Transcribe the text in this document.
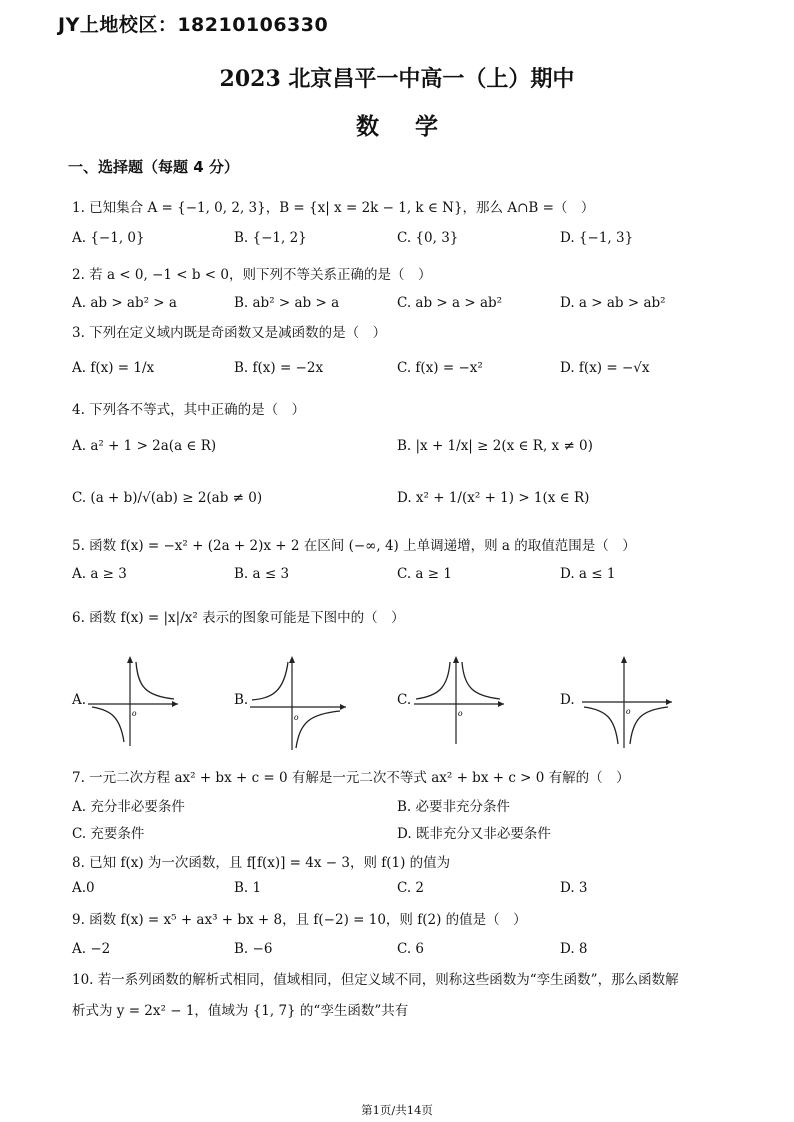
JY上地校区：18210106330
2023 北京昌平一中高一（上）期中
数学
一、选择题（每题 4 分）
1. 已知集合 A = {−1, 0, 2, 3}，B = {x| x = 2k − 1, k ∈ N}，那么 A∩B =（　）
A. {−1, 0}	B. {−1, 2}	C. {0, 3}	D. {−1, 3}
2. 若 a < 0, −1 < b < 0，则下列不等关系正确的是（　）
A. ab > ab² > a	B. ab² > ab > a	C. ab > a > ab²	D. a > ab > ab²
3. 下列在定义域内既是奇函数又是减函数的是（　）
A. f(x) = 1/x	B. f(x) = −2x	C. f(x) = −x²	D. f(x) = −√x
4. 下列各不等式，其中正确的是（　）
A. a² + 1 > 2a(a ∈ R)	B. |x + 1/x| ≥ 2(x ∈ R, x ≠ 0)
C. (a + b)/√(ab) ≥ 2(ab ≠ 0)	D. x² + 1/(x² + 1) > 1(x ∈ R)
5. 函数 f(x) = −x² + (2a + 2)x + 2 在区间 (−∞, 4) 上单调递增，则 a 的取值范围是（　）
A. a ≥ 3	B. a ≤ 3	C. a ≥ 1	D. a ≤ 1
6. 函数 f(x) = |x|/x² 表示的图象可能是下图中的（　）
A.
o
B.
o
C.
o
D.
o
7. 一元二次方程 ax² + bx + c = 0 有解是一元二次不等式 ax² + bx + c > 0 有解的（　）
A. 充分非必要条件	B. 必要非充分条件
C. 充要条件	D. 既非充分又非必要条件
8. 已知 f(x) 为一次函数，且 f[f(x)] = 4x − 3，则 f(1) 的值为
A.0	B. 1	C. 2	D. 3
9. 函数 f(x) = x⁵ + ax³ + bx + 8，且 f(−2) = 10，则 f(2) 的值是（　）
A. −2	B. −6	C. 6	D. 8
10. 若一系列函数的解析式相同，值域相同，但定义域不同，则称这些函数为“孪生函数”，那么函数解
析式为 y = 2x² − 1，值域为 {1, 7} 的“孪生函数”共有
第1页/共14页
